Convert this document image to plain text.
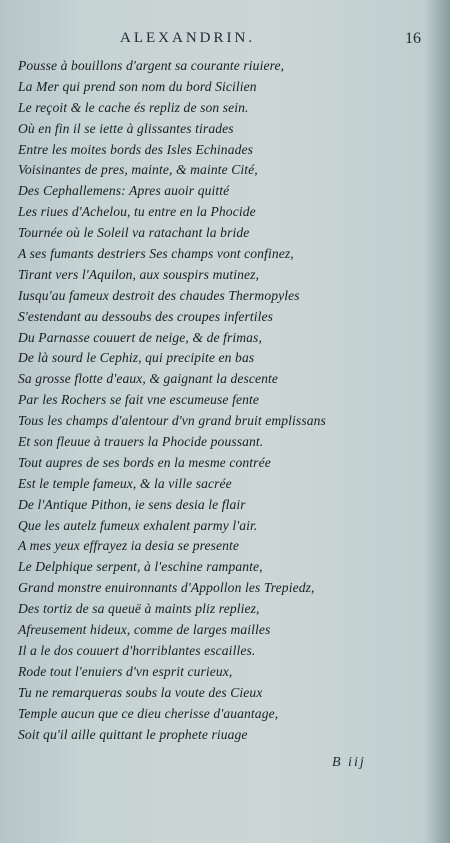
ALEXANDRIN.	16
Pousse à bouillons d'argent sa courante riuiere,
La Mer qui prend son nom du bord Sicilien
Le reçoit & le cache és repliz de son sein.
Où en fin il se iette à glissantes tirades
Entre les moites bords des Isles Echinades
Voisinantes de pres, mainte, & mainte Cité,
Des Cephallemens: Apres auoir quitté
Les riues d'Achelou, tu entre en la Phocide
Tournée où le Soleil va ratachant la bride
A ses fumants destriers Ses champs vont confinez,
Tirant vers l'Aquilon, aux souspirs mutinez,
Iusqu'au fameux destroit des chaudes Thermopyles
S'estendant au dessoubs des croupes infertiles
Du Parnasse couuert de neige, & de frimas,
De là sourd le Cephiz, qui precipite en bas
Sa grosse flotte d'eaux, & gaignant la descente
Par les Rochers se fait vne escumeuse fente
Tous les champs d'alentour d'vn grand bruit emplissans
Et son fleuue à trauers la Phocide poussant.
Tout aupres de ses bords en la mesme contrée
Est le temple fameux, & la ville sacrée
De l'Antique Pithon, ie sens desia le flair
Que les autelz fumeux exhalent parmy l'air.
A mes yeux effrayez ia desia se presente
Le Delphique serpent, à l'eschine rampante,
Grand monstre enuironnants d'Appollon les Trepiedz,
Des tortiz de sa queuë à maints pliz repliez,
Afreusement hideux, comme de larges mailles
Il a le dos couuert d'horriblantes escailles.
Rode tout l'enuiers d'vn esprit curieux,
Tu ne remarqueras soubs la voute des Cieux
Temple aucun que ce dieu cherisse d'auantage,
Soit qu'il aille quittant le prophete riuage
B iij
